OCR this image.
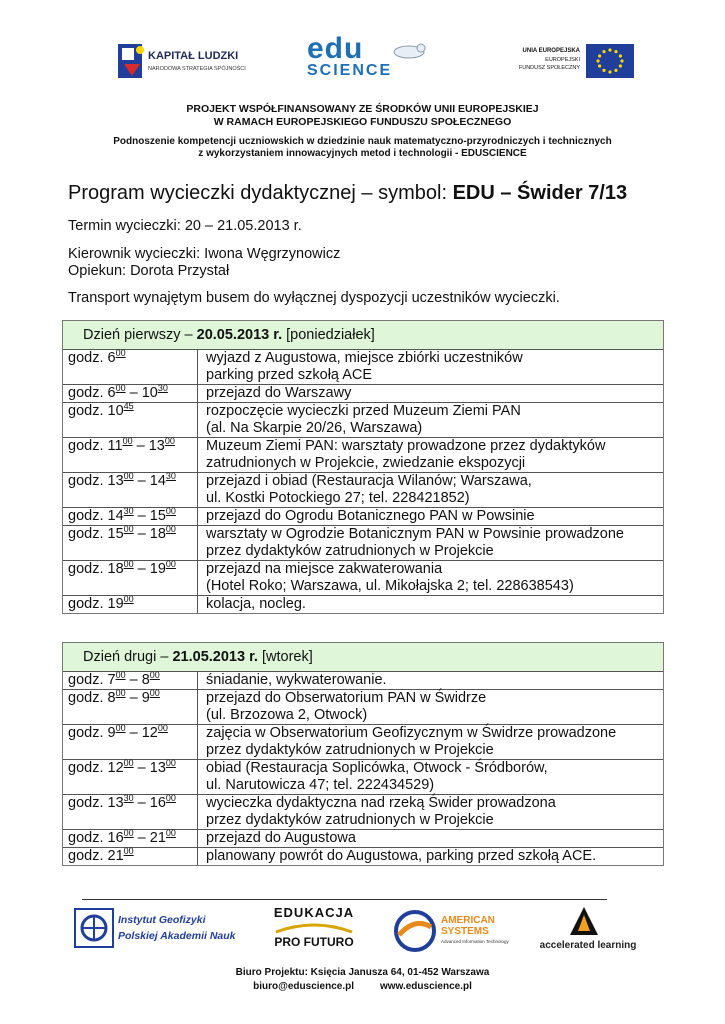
KAPITAŁ LUDZKI
NARODOWA STRATEGIA SPÓJNOŚCI
edu
SCIENCE
UNIA EUROPEJSKA
EUROPEJSKI
FUNDUSZ SPOŁECZNY
PROJEKT WSPÓŁFINANSOWANY ZE ŚRODKÓW UNII EUROPEJSKIEJ
W RAMACH EUROPEJSKIEGO FUNDUSZU SPOŁECZNEGO
Podnoszenie kompetencji uczniowskich w dziedzinie nauk matematyczno-przyrodniczych i technicznych
z wykorzystaniem innowacyjnych metod i technologii - EDUSCIENCE
Program wycieczki dydaktycznej – symbol: EDU – Świder 7/13
Termin wycieczki: 20 – 21.05.2013 r.
Kierownik wycieczki: Iwona Węgrzynowicz
Opiekun: Dorota Przystał
Transport wynajętym busem do wyłącznej dyspozycji uczestników wycieczki.
Dzień pierwszy – 20.05.2013 r. [poniedziałek]
godz. $6^{00}$	wyjazd z Augustowa, miejsce zbiórki uczestników
parking przed szkołą ACE
godz. $6^{00} - 10^{30}$	przejazd do Warszawy
godz. $10^{45}$	rozpoczęcie wycieczki przed Muzeum Ziemi PAN
(al. Na Skarpie 20/26, Warszawa)
godz. $11^{00} - 13^{00}$	Muzeum Ziemi PAN: warsztaty prowadzone przez dydaktyków
zatrudnionych w Projekcie, zwiedzanie ekspozycji
godz. $13^{00} - 14^{30}$	przejazd i obiad (Restauracja Wilanów; Warszawa,
ul. Kostki Potockiego 27; tel. 228421852)
godz. $14^{30} - 15^{00}$	przejazd do Ogrodu Botanicznego PAN w Powsinie
godz. $15^{00} - 18^{00}$	warsztaty w Ogrodzie Botanicznym PAN w Powsinie prowadzone
przez dydaktyków zatrudnionych w Projekcie
godz. $18^{00} - 19^{00}$	przejazd na miejsce zakwaterowania
(Hotel Roko; Warszawa, ul. Mikołajska 2; tel. 228638543)
godz. $19^{00}$	kolacja, nocleg.
Dzień drugi – 21.05.2013 r. [wtorek]
godz. $7^{00} - 8^{00}$	śniadanie, wykwaterowanie.
godz. $8^{00} - 9^{00}$	przejazd do Obserwatorium PAN w Świdrze
(ul. Brzozowa 2, Otwock)
godz. $9^{00} - 12^{00}$	zajęcia w Obserwatorium Geofizycznym w Świdrze prowadzone
przez dydaktyków zatrudnionych w Projekcie
godz. $12^{00} - 13^{00}$	obiad (Restauracja Soplicówka, Otwock - Śródborów,
ul. Narutowicza 47; tel. 222434529)
godz. $13^{30} - 16^{00}$	wycieczka dydaktyczna nad rzeką Świder prowadzona
przez dydaktyków zatrudnionych w Projekcie
godz. $16^{00} - 21^{00}$	przejazd do Augustowa
godz. $21^{00}$	planowany powrót do Augustowa, parking przed szkołą ACE.
Instytut Geofizyki
Polskiej Akademii Nauk
EDUKACJA
PRO FUTURO
AMERICAN
SYSTEMS
Advanced Information Technology	accelerated learning
Biuro Projektu: Księcia Janusza 64, 01-452 Warszawa
biuro@eduscience.pl	www.eduscience.pl
